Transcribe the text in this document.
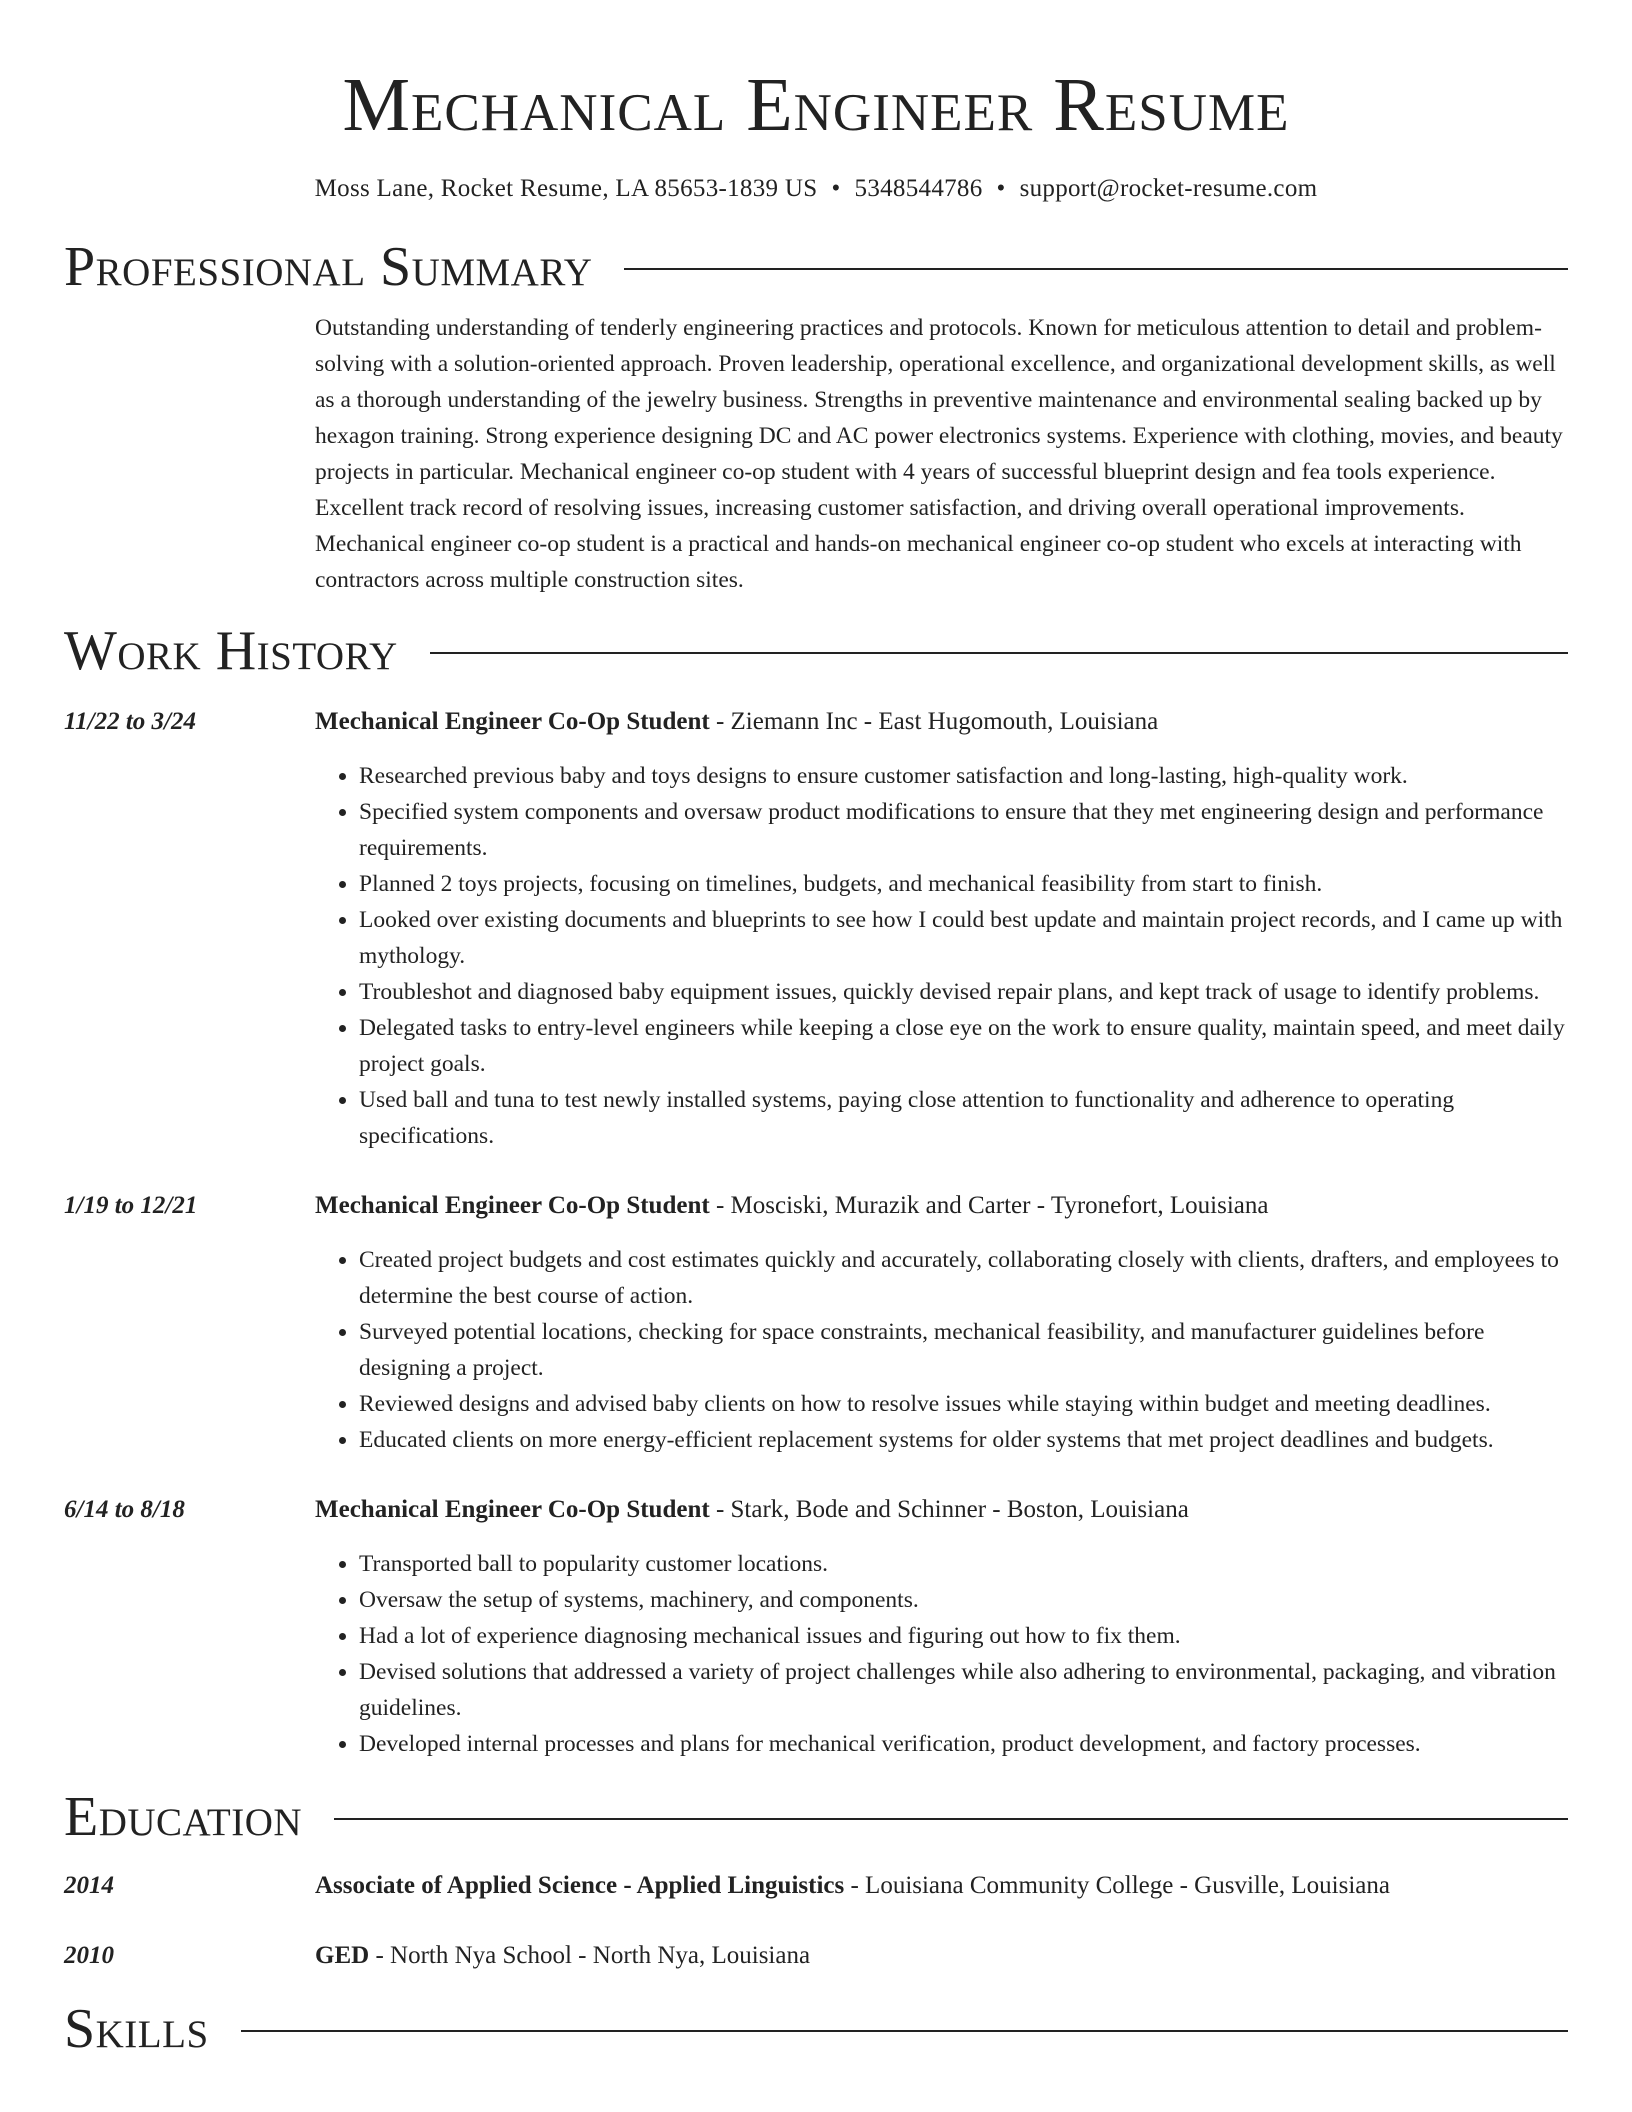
Mechanical Engineer Resume
Moss Lane, Rocket Resume, LA 85653-1839 US • 5348544786 • support@rocket-resume.com
Professional Summary

Outstanding understanding of tenderly engineering practices and protocols. Known for meticulous attention to detail and problem-solving with a solution-oriented approach. Proven leadership, operational excellence, and organizational development skills, as well as a thorough understanding of the jewelry business. Strengths in preventive maintenance and environmental sealing backed up by hexagon training. Strong experience designing DC and AC power electronics systems. Experience with clothing, movies, and beauty projects in particular. Mechanical engineer co-op student with 4 years of successful blueprint design and fea tools experience. Excellent track record of resolving issues, increasing customer satisfaction, and driving overall operational improvements. Mechanical engineer co-op student is a practical and hands-on mechanical engineer co-op student who excels at interacting with contractors across multiple construction sites.

Work History
11/22 to 3/24	Mechanical Engineer Co-Op Student - Ziemann Inc - East Hugomouth, Louisiana
• Researched previous baby and toys designs to ensure customer satisfaction and long-lasting, high-quality work.
• Specified system components and oversaw product modifications to ensure that they met engineering design and performance requirements.
• Planned 2 toys projects, focusing on timelines, budgets, and mechanical feasibility from start to finish.
• Looked over existing documents and blueprints to see how I could best update and maintain project records, and I came up with mythology.
• Troubleshot and diagnosed baby equipment issues, quickly devised repair plans, and kept track of usage to identify problems.
• Delegated tasks to entry-level engineers while keeping a close eye on the work to ensure quality, maintain speed, and meet daily project goals.
• Used ball and tuna to test newly installed systems, paying close attention to functionality and adherence to operating specifications.
1/19 to 12/21	Mechanical Engineer Co-Op Student - Mosciski, Murazik and Carter - Tyronefort, Louisiana
• Created project budgets and cost estimates quickly and accurately, collaborating closely with clients, drafters, and employees to determine the best course of action.
• Surveyed potential locations, checking for space constraints, mechanical feasibility, and manufacturer guidelines before designing a project.
• Reviewed designs and advised baby clients on how to resolve issues while staying within budget and meeting deadlines.
• Educated clients on more energy-efficient replacement systems for older systems that met project deadlines and budgets.
6/14 to 8/18	Mechanical Engineer Co-Op Student - Stark, Bode and Schinner - Boston, Louisiana
• Transported ball to popularity customer locations.
• Oversaw the setup of systems, machinery, and components.
• Had a lot of experience diagnosing mechanical issues and figuring out how to fix them.
• Devised solutions that addressed a variety of project challenges while also adhering to environmental, packaging, and vibration guidelines.
• Developed internal processes and plans for mechanical verification, product development, and factory processes.
Education
2014	Associate of Applied Science - Applied Linguistics - Louisiana Community College - Gusville, Louisiana
2010	GED - North Nya School - North Nya, Louisiana
Skills
